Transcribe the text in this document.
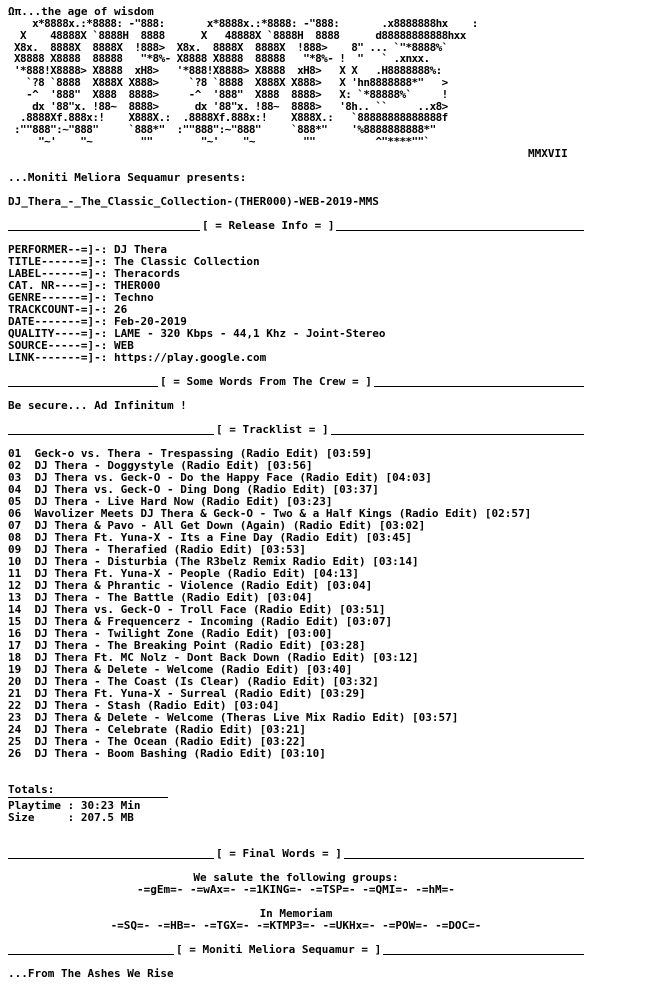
Ωπ...the age of wisdom
x*8888x.:*8888: -"888:       x*8888x.:*8888: -"888:       .x8888888hx    :
X    48888X `8888H  8888      X   48888X `8888H  8888      d88888888888hxx
X8x.  8888X  8888X  !888>  X8x.  8888X  8888X  !888>    8" ... `"*8888%`
X8888 X8888  88888   "*8%- X8888 X8888  88888   "*8%- !  "   ` .xnxx.
'*888!X8888> X8888  xH8>   '*888!X8888> X8888  xH8>   X X   .H8888888%:
`?8 `8888  X888X X888>     `?8 `8888  X888X X888>   X 'hn8888888*"   >
-^  '888"  X888  8888>     -^  '888"  X888  8888>   X: `*88888%`     !
dx '88"x. !88~  8888>      dx '88"x. !88~  8888>   '8h.. ``     ..x8>
.8888Xf.888x:!    X888X.:  .8888Xf.888x:!    X888X.:   `88888888888888f
:""888":~"888"     `888*"  :""888":~"888"     `888*"    '%8888888888*"
"~'    "~        ""        "~'    "~        ""          ^"****""`
MMXVII
...Moniti Meliora Sequamur presents:
DJ_Thera_-_The_Classic_Collection-(THER000)-WEB-2019-MMS
[ = Release Info = ]
PERFORMER--=]-: DJ Thera
TITLE------=]-: The Classic Collection
LABEL------=]-: Theracords
CAT. NR----=]-: THER000
GENRE------=]-: Techno
TRACKCOUNT-=]-: 26
DATE-------=]-: Feb-20-2019
QUALITY----=]-: LAME - 320 Kbps - 44,1 Khz - Joint-Stereo
SOURCE-----=]-: WEB
LINK-------=]-: https://play.google.com
[ = Some Words From The Crew = ]
Be secure... Ad Infinitum !
[ = Tracklist = ]
01 Geck-o vs. Thera - Trespassing (Radio Edit) [03:59]
02 DJ Thera - Doggystyle (Radio Edit) [03:56]
03 DJ Thera vs. Geck-O - Do the Happy Face (Radio Edit) [04:03]
04 DJ Thera vs. Geck-O - Ding Dong (Radio Edit) [03:37]
05 DJ Thera - Live Hard Now (Radio Edit) [03:23]
06 Wavolizer Meets DJ Thera & Geck-O - Two & a Half Kings (Radio Edit) [02:57]
07 DJ Thera & Pavo - All Get Down (Again) (Radio Edit) [03:02]
08 DJ Thera Ft. Yuna-X - Its a Fine Day (Radio Edit) [03:45]
09 DJ Thera - Therafied (Radio Edit) [03:53]
10 DJ Thera - Disturbia (The R3belz Remix Radio Edit) [03:14]
11 DJ Thera Ft. Yuna-X - People (Radio Edit) [04:13]
12 DJ Thera & Phrantic - Violence (Radio Edit) [03:04]
13 DJ Thera - The Battle (Radio Edit) [03:04]
14 DJ Thera vs. Geck-O - Troll Face (Radio Edit) [03:51]
15 DJ Thera & Frequencerz - Incoming (Radio Edit) [03:07]
16 DJ Thera - Twilight Zone (Radio Edit) [03:00]
17 DJ Thera - The Breaking Point (Radio Edit) [03:28]
18 DJ Thera Ft. MC Nolz - Dont Back Down (Radio Edit) [03:12]
19 DJ Thera & Delete - Welcome (Radio Edit) [03:40]
20 DJ Thera - The Coast (Is Clear) (Radio Edit) [03:32]
21 DJ Thera Ft. Yuna-X - Surreal (Radio Edit) [03:29]
22 DJ Thera - Stash (Radio Edit) [03:04]
23 DJ Thera & Delete - Welcome (Theras Live Mix Radio Edit) [03:57]
24 DJ Thera - Celebrate (Radio Edit) [03:21]
25 DJ Thera - The Ocean (Radio Edit) [03:22]
26 DJ Thera - Boom Bashing (Radio Edit) [03:10]
Totals:
Playtime : 30:23 Min
Size     : 207.5 MB
[ = Final Words = ]
We salute the following groups:
-=gEm=- -=wAx=- -=1KING=- -=TSP=- -=QMI=- -=hM=-
In Memoriam
-=SQ=- -=HB=- -=TGX=- -=KTMP3=- -=UKHx=- -=POW=- -=DOC=-
[ = Moniti Meliora Sequamur = ]
...From The Ashes We Rise
